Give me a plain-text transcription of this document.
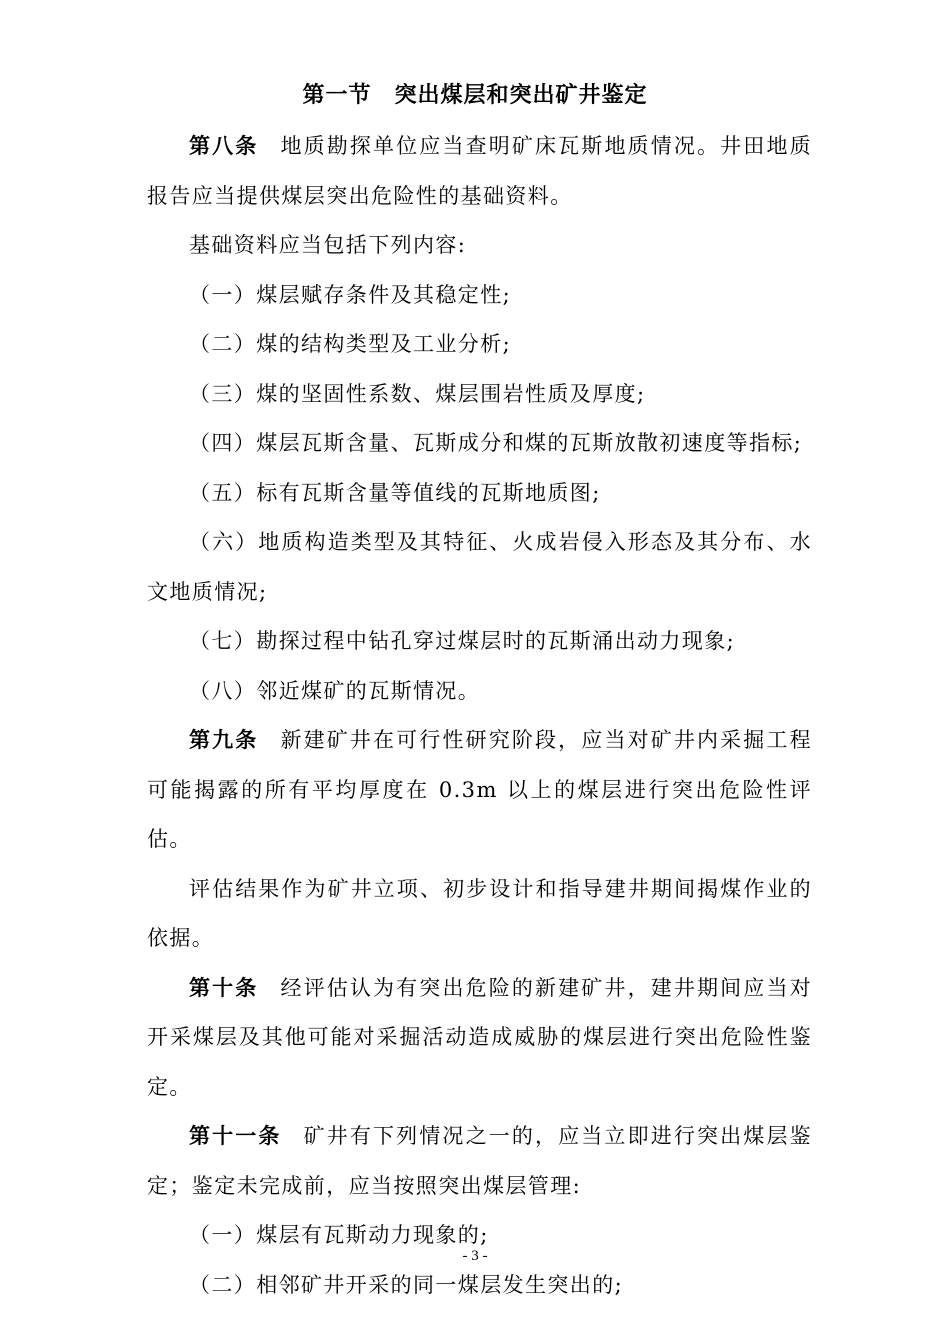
第一节　突出煤层和突出矿井鉴定

第八条 地质勘探单位应当查明矿床瓦斯地质情况。井田地质报告应当提供煤层突出危险性的基础资料。

基础资料应当包括下列内容:

（一）煤层赋存条件及其稳定性;

（二）煤的结构类型及工业分析;

（三）煤的坚固性系数、煤层围岩性质及厚度;

（四）煤层瓦斯含量、瓦斯成分和煤的瓦斯放散初速度等指标;

（五）标有瓦斯含量等值线的瓦斯地质图;

（六）地质构造类型及其特征、火成岩侵入形态及其分布、水文地质情况;

（七）勘探过程中钻孔穿过煤层时的瓦斯涌出动力现象;

（八）邻近煤矿的瓦斯情况。

第九条 新建矿井在可行性研究阶段，应当对矿井内采掘工程可能揭露的所有平均厚度在 0.3m 以上的煤层进行突出危险性评估。

评估结果作为矿井立项、初步设计和指导建井期间揭煤作业的依据。

第十条 经评估认为有突出危险的新建矿井，建井期间应当对开采煤层及其他可能对采掘活动造成威胁的煤层进行突出危险性鉴定。

第十一条 矿井有下列情况之一的，应当立即进行突出煤层鉴定；鉴定未完成前，应当按照突出煤层管理:

（一）煤层有瓦斯动力现象的;

（二）相邻矿井开采的同一煤层发生突出的;

- 3 -
